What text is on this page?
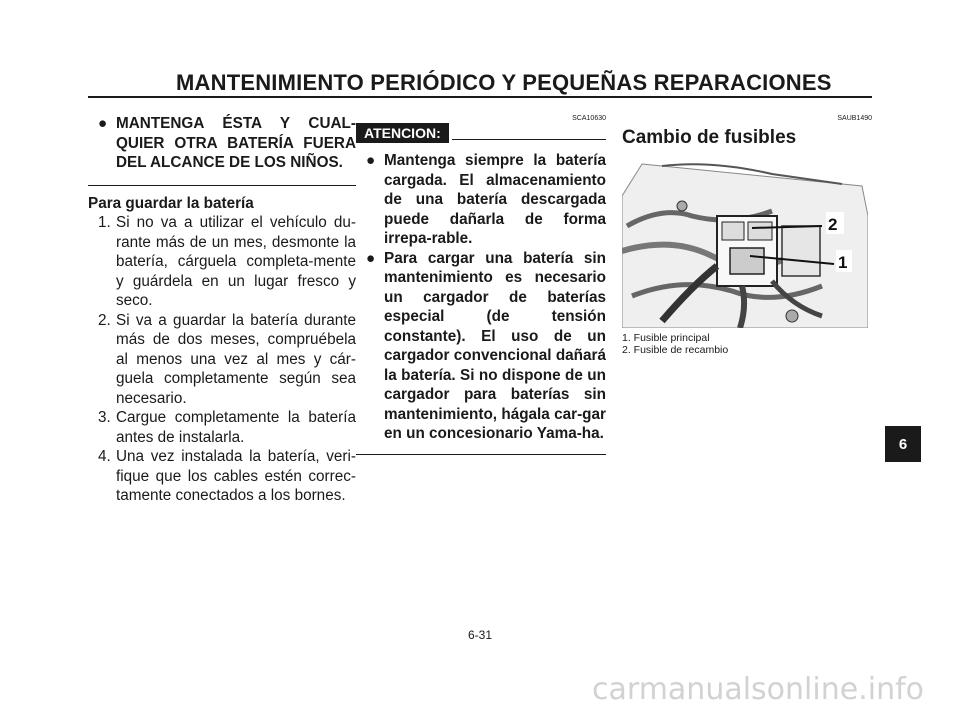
MANTENIMIENTO PERIÓDICO Y PEQUEÑAS REPARACIONES
● MANTENGA ÉSTA Y CUAL-QUIER OTRA BATERÍA FUERA DEL ALCANCE DE LOS NIÑOS.
Para guardar la batería
1. Si no va a utilizar el vehículo du-rante más de un mes, desmonte la batería, cárguela completa-mente y guárdela en un lugar fresco y seco.
2. Si va a guardar la batería durante más de dos meses, compruébela al menos una vez al mes y cár-guela completamente según sea necesario.
3. Cargue completamente la batería antes de instalarla.
4. Una vez instalada la batería, veri-fique que los cables estén correc-tamente conectados a los bornes.
SCA10630
ATENCION:
● Mantenga siempre la batería cargada. El almacenamiento de una batería descargada puede dañarla de forma irrepa-rable.
● Para cargar una batería sin mantenimiento es necesario un cargador de baterías especial (de tensión constante). El uso de un cargador convencional dañará la batería. Si no dispone de un cargador para baterías sin mantenimiento, hágala car-gar en un concesionario Yama-ha.
SAUB1490
Cambio de fusibles
2
1
1. Fusible principal
2. Fusible de recambio
6
6-31
carmanualsonline.info
